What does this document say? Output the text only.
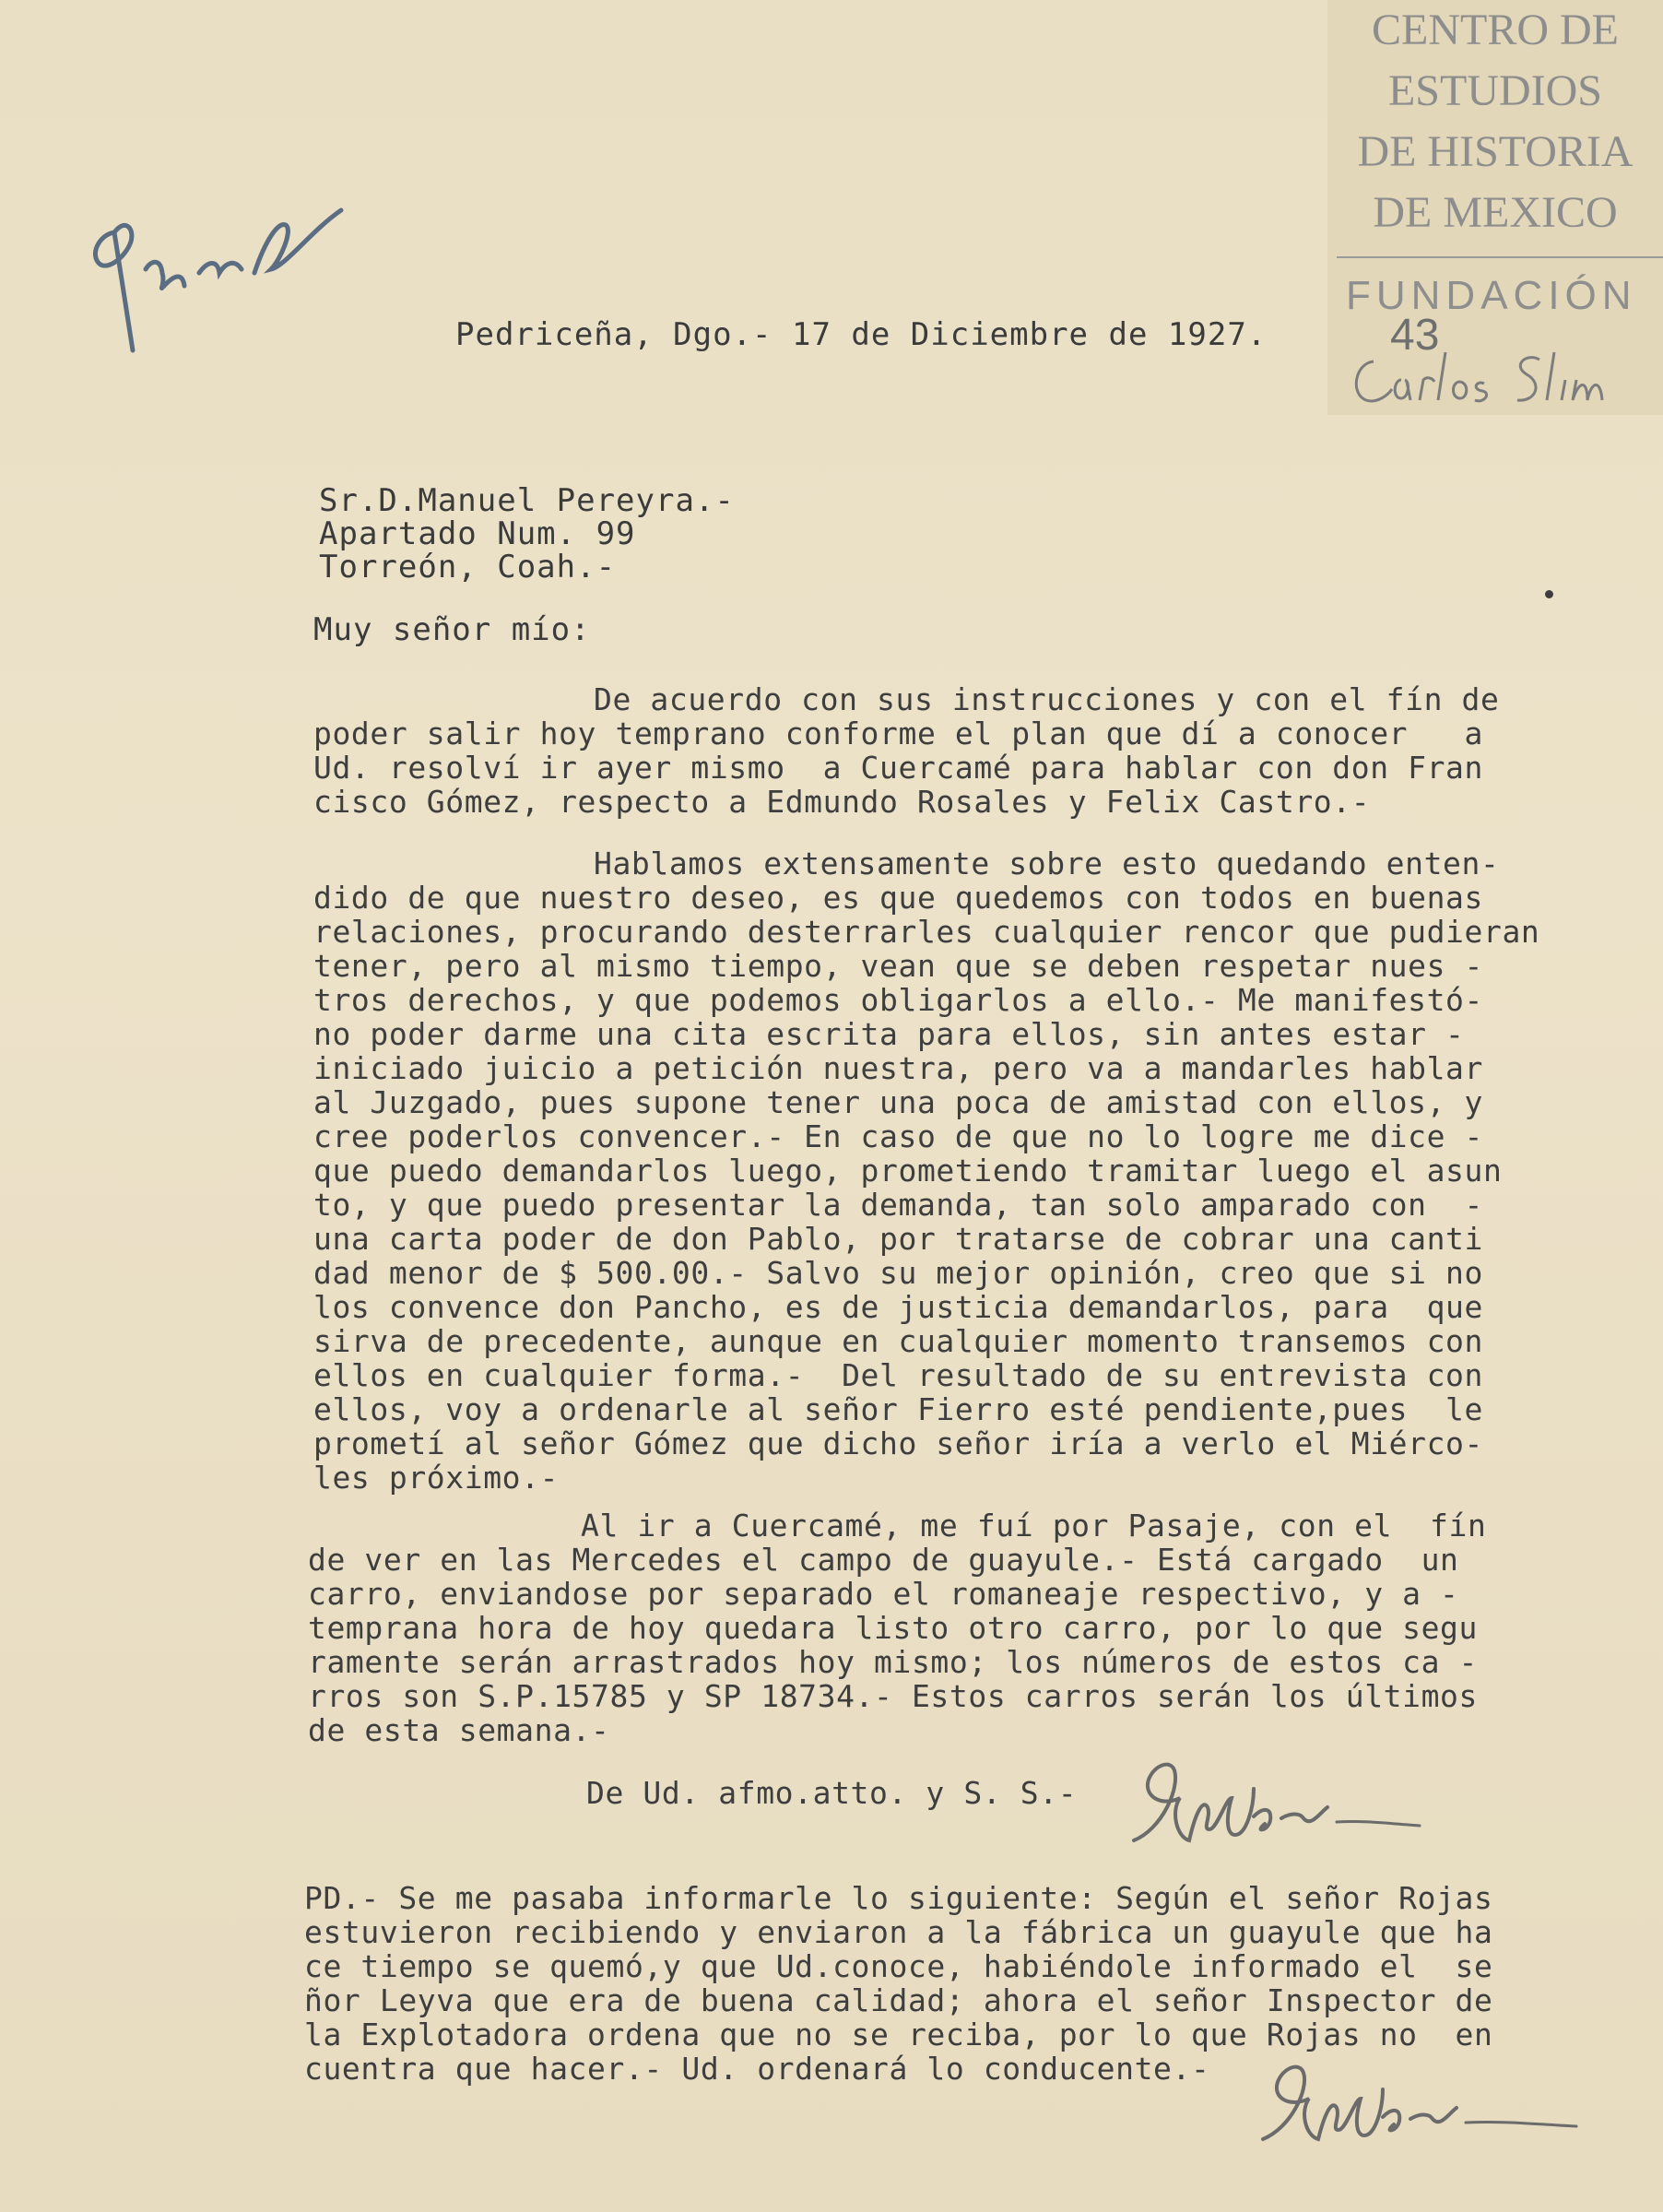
CENTRO DE
ESTUDIOS
DE HISTORIA
DE MEXICO
FUNDACIÓN
43
Pedriceña, Dgo.- 17 de Diciembre de 1927.
Sr.D.Manuel Pereyra.-
Apartado Num. 99
Torreón, Coah.-
Muy señor mío:
De acuerdo con sus instrucciones y con el fín de
poder salir hoy temprano conforme el plan que dí a conocer   a
Ud. resolví ir ayer mismo  a Cuercamé para hablar con don Fran
cisco Gómez, respecto a Edmundo Rosales y Felix Castro.-
Hablamos extensamente sobre esto quedando enten-
dido de que nuestro deseo, es que quedemos con todos en buenas
relaciones, procurando desterrarles cualquier rencor que pudieran
tener, pero al mismo tiempo, vean que se deben respetar nues -
tros derechos, y que podemos obligarlos a ello.- Me manifestó-
no poder darme una cita escrita para ellos, sin antes estar -
iniciado juicio a petición nuestra, pero va a mandarles hablar
al Juzgado, pues supone tener una poca de amistad con ellos, y
cree poderlos convencer.- En caso de que no lo logre me dice -
que puedo demandarlos luego, prometiendo tramitar luego el asun
to, y que puedo presentar la demanda, tan solo amparado con  -
una carta poder de don Pablo, por tratarse de cobrar una canti
dad menor de $ 500.00.- Salvo su mejor opinión, creo que si no
los convence don Pancho, es de justicia demandarlos, para  que
sirva de precedente, aunque en cualquier momento transemos con
ellos en cualquier forma.-  Del resultado de su entrevista con
ellos, voy a ordenarle al señor Fierro esté pendiente,pues  le
prometí al señor Gómez que dicho señor iría a verlo el Miérco-
les próximo.-
Al ir a Cuercamé, me fuí por Pasaje, con el  fín
de ver en las Mercedes el campo de guayule.- Está cargado  un
carro, enviandose por separado el romaneaje respectivo, y a -
temprana hora de hoy quedara listo otro carro, por lo que segu
ramente serán arrastrados hoy mismo; los números de estos ca -
rros son S.P.15785 y SP 18734.- Estos carros serán los últimos
de esta semana.-
De Ud. afmo.atto. y S. S.-
PD.- Se me pasaba informarle lo siguiente: Según el señor Rojas
estuvieron recibiendo y enviaron a la fábrica un guayule que ha
ce tiempo se quemó,y que Ud.conoce, habiéndole informado el  se
ñor Leyva que era de buena calidad; ahora el señor Inspector de
la Explotadora ordena que no se reciba, por lo que Rojas no  en
cuentra que hacer.- Ud. ordenará lo conducente.-
